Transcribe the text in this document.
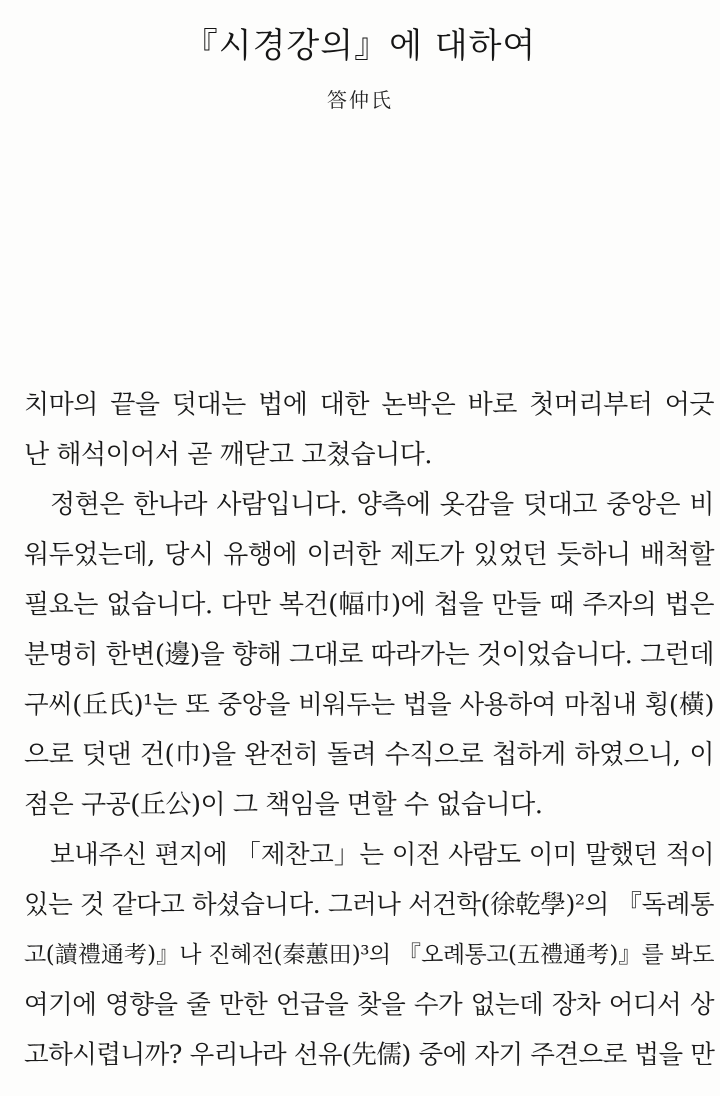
『시경강의』에 대하여
答仲氏
치마의 끝을 덧대는 법에 대한 논박은 바로 첫머리부터 어긋
난 해석이어서 곧 깨닫고 고쳤습니다.
정현은 한나라 사람입니다. 양측에 옷감을 덧대고 중앙은 비
워두었는데, 당시 유행에 이러한 제도가 있었던 듯하니 배척할
필요는 없습니다. 다만 복건(幅巾)에 첩을 만들 때 주자의 법은
분명히 한변(邊)을 향해 그대로 따라가는 것이었습니다. 그런데
구씨(丘氏)¹는 또 중앙을 비워두는 법을 사용하여 마침내 횡(橫)
으로 덧댄 건(巾)을 완전히 돌려 수직으로 첩하게 하였으니, 이
점은 구공(丘公)이 그 책임을 면할 수 없습니다.
보내주신 편지에 「제찬고」는 이전 사람도 이미 말했던 적이
있는 것 같다고 하셨습니다. 그러나 서건학(徐乾學)²의 『독례통
고(讀禮通考)』나 진혜전(秦蕙田)³의 『오례통고(五禮通考)』를 봐도
여기에 영향을 줄 만한 언급을 찾을 수가 없는데 장차 어디서 상
고하시렵니까? 우리나라 선유(先儒) 중에 자기 주견으로 법을 만
